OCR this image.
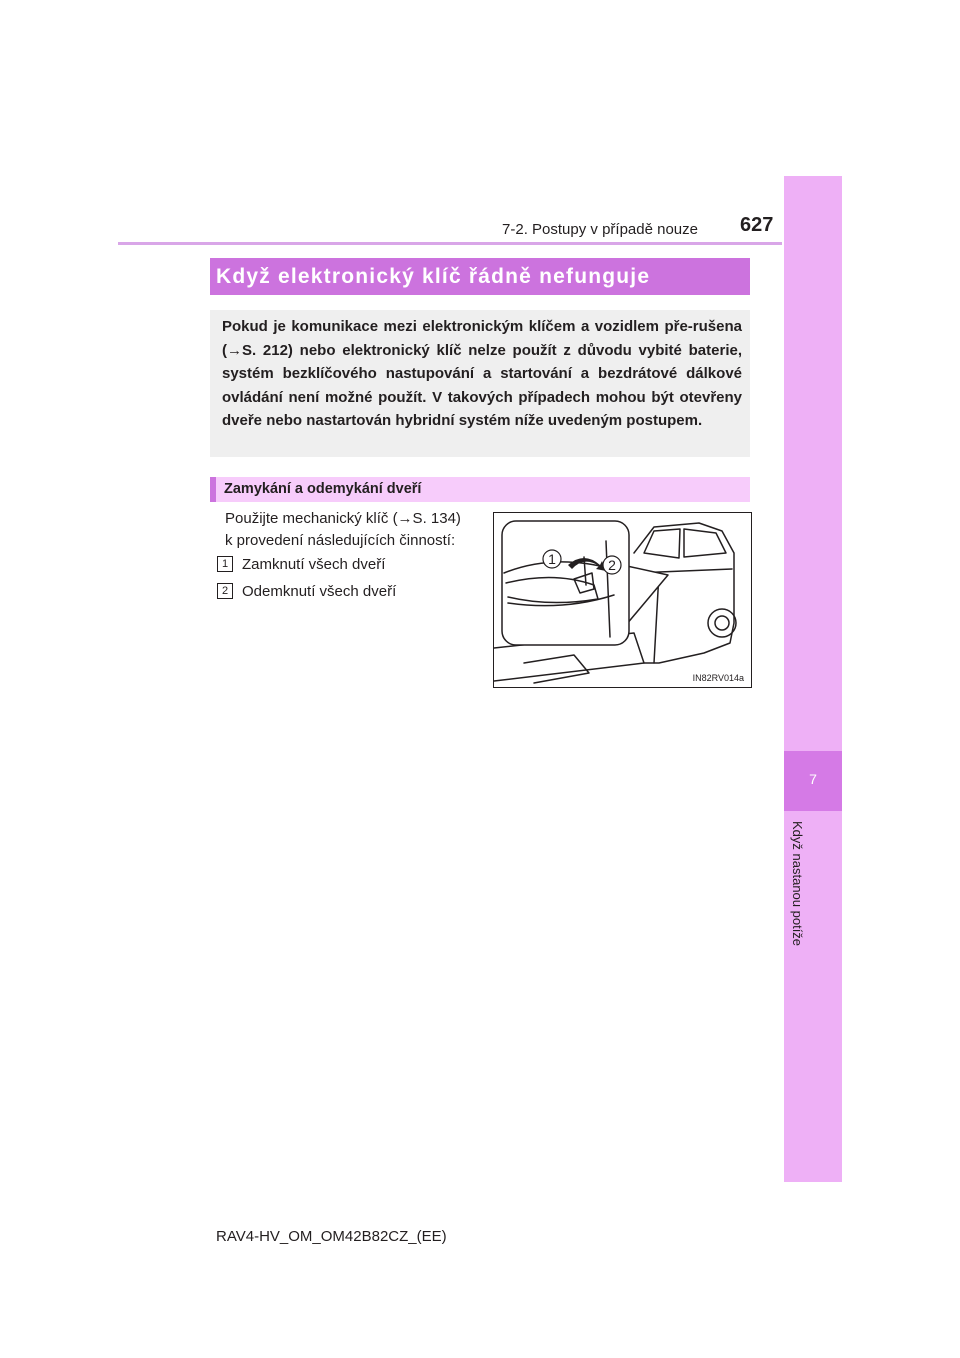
7-2. Postupy v případě nouze 627
7
Když nastanou potíže
Když elektronický klíč řádně nefunguje
Pokud je komunikace mezi elektronickým klíčem a vozidlem pře-rušena (→S. 212) nebo elektronický klíč nelze použít z důvodu vybité baterie, systém bezklíčového nastupování a startování a bezdrátové dálkové ovládání není možné použít. V takových případech mohou být otevřeny dveře nebo nastartován hybridní systém níže uvedeným postupem.
Zamykání a odemykání dveří
Použijte mechanický klíč (→S. 134)
k provedení následujících činností:
1 Zamknutí všech dveří
2 Odemknutí všech dveří
1	2
IN82RV014a
RAV4-HV_OM_OM42B82CZ_(EE)
